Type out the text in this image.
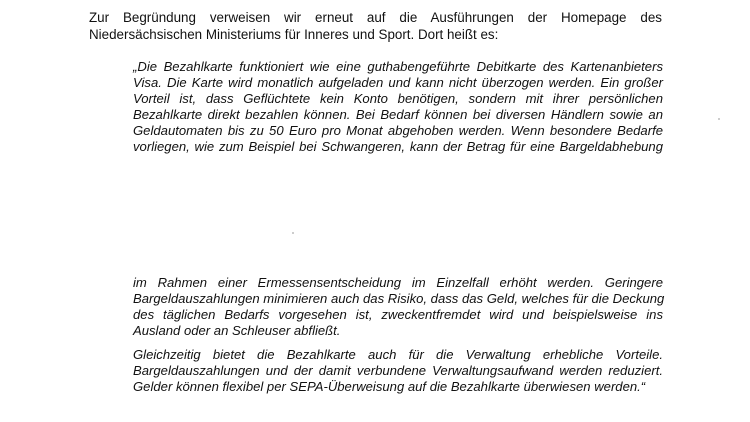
Zur Begründung verweisen wir erneut auf die Ausführungen der Homepage des Niedersächsischen Ministeriums für Inneres und Sport. Dort heißt es:

„Die Bezahlkarte funktioniert wie eine guthabengeführte Debitkarte des Kartenanbieters
Visa. Die Karte wird monatlich aufgeladen und kann nicht überzogen werden. Ein großer
Vorteil ist, dass Geflüchtete kein Konto benötigen, sondern mit ihrer persönlichen
Bezahlkarte direkt bezahlen können. Bei Bedarf können bei diversen Händlern sowie an
Geldautomaten bis zu 50 Euro pro Monat abgehoben werden. Wenn besondere Bedarfe
vorliegen, wie zum Beispiel bei Schwangeren, kann der Betrag für eine Bargeldabhebung
im Rahmen einer Ermessensentscheidung im Einzelfall erhöht werden. Geringere
Bargeldauszahlungen minimieren auch das Risiko, dass das Geld, welches für die Deckung
des täglichen Bedarfs vorgesehen ist, zweckentfremdet wird und beispielsweise ins
Ausland oder an Schleuser abfließt.
Gleichzeitig bietet die Bezahlkarte auch für die Verwaltung erhebliche Vorteile.
Bargeldauszahlungen und der damit verbundene Verwaltungsaufwand werden reduziert.
Gelder können flexibel per SEPA-Überweisung auf die Bezahlkarte überwiesen werden.“
